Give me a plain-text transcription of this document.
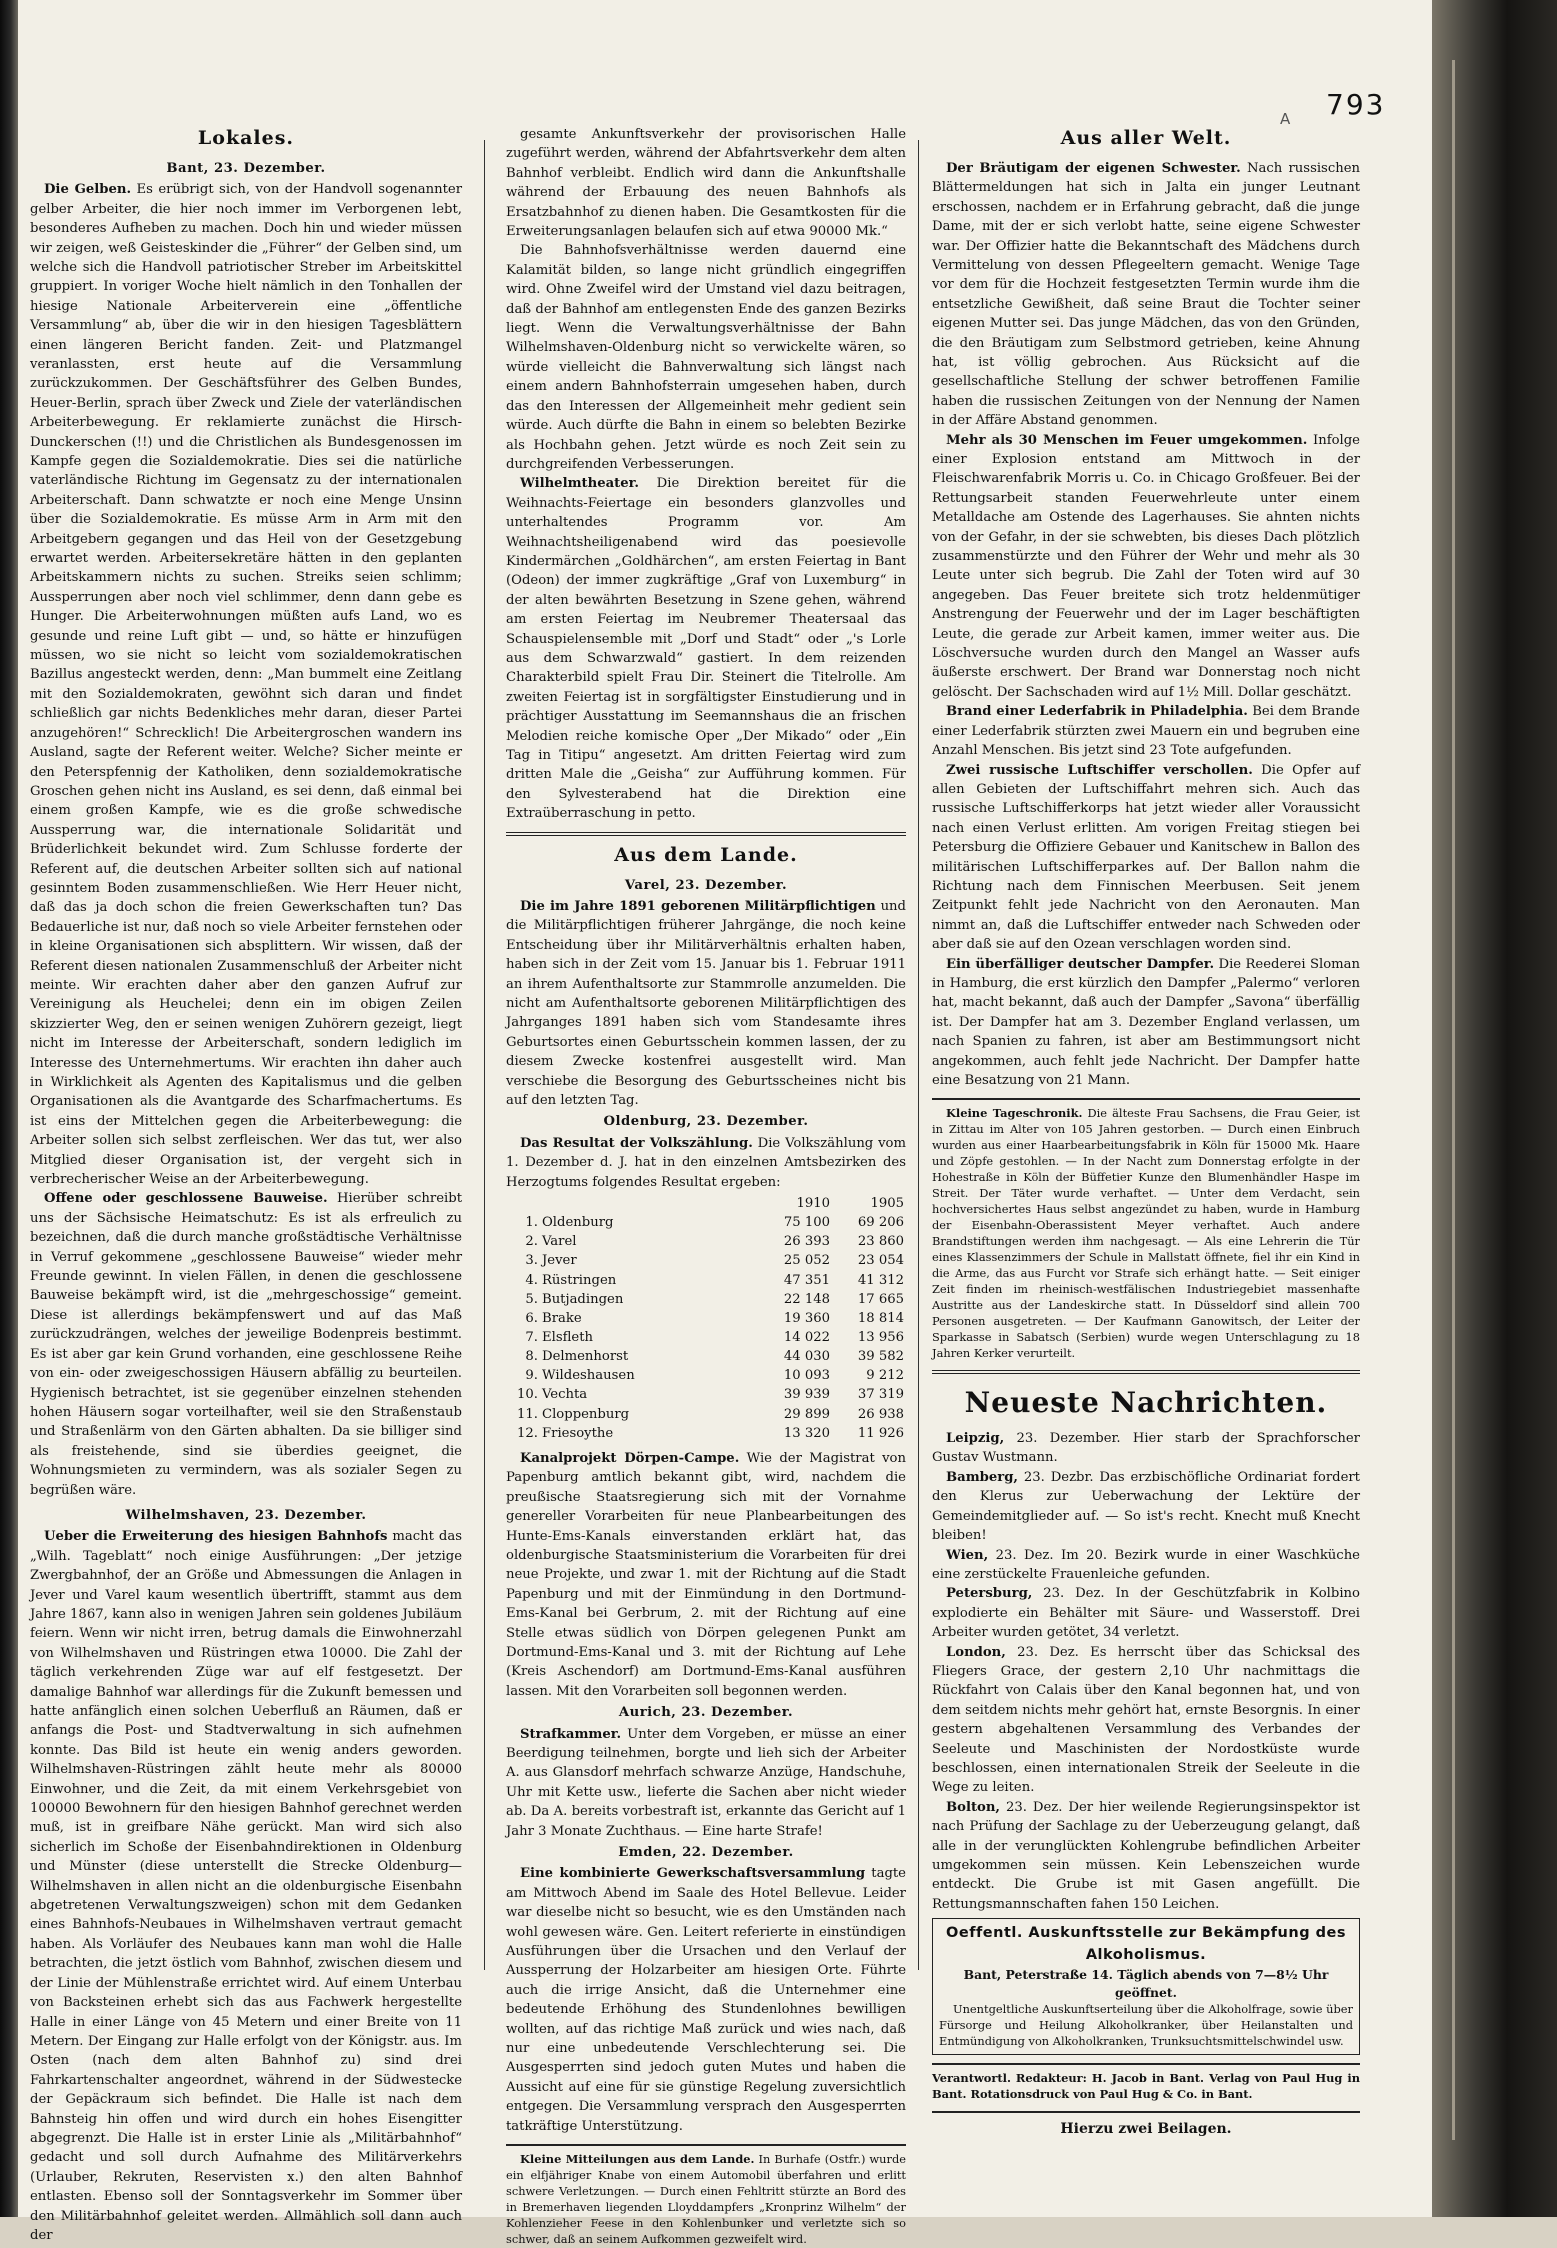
A 793
Lokales.
Bant, 23. Dezember.

Die Gelben. Es erübrigt sich, von der Handvoll sogenannter gelber Arbeiter, die hier noch immer im Verborgenen lebt, besonderes Aufheben zu machen. Doch hin und wieder müssen wir zeigen, weß Geisteskinder die „Führer“ der Gelben sind, um welche sich die Handvoll patriotischer Streber im Arbeitskittel gruppiert. In voriger Woche hielt nämlich in den Tonhallen der hiesige Nationale Arbeiterverein eine „öffentliche Versammlung“ ab, über die wir in den hiesigen Tagesblättern einen längeren Bericht fanden. Zeit- und Platzmangel veranlassten, erst heute auf die Versammlung zurückzukommen. Der Geschäftsführer des Gelben Bundes, Heuer-Berlin, sprach über Zweck und Ziele der vaterländischen Arbeiterbewegung. Er reklamierte zunächst die Hirsch-Dunckerschen (!!) und die Christlichen als Bundesgenossen im Kampfe gegen die Sozialdemokratie. Dies sei die natürliche vaterländische Richtung im Gegensatz zu der internationalen Arbeiterschaft. Dann schwatzte er noch eine Menge Unsinn über die Sozialdemokratie. Es müsse Arm in Arm mit den Arbeitgebern gegangen und das Heil von der Gesetzgebung erwartet werden. Arbeitersekretäre hätten in den geplanten Arbeitskammern nichts zu suchen. Streiks seien schlimm; Aussperrungen aber noch viel schlimmer, denn dann gebe es Hunger. Die Arbeiterwohnungen müßten aufs Land, wo es gesunde und reine Luft gibt — und, so hätte er hinzufügen müssen, wo sie nicht so leicht vom sozialdemokratischen Bazillus angesteckt werden, denn: „Man bummelt eine Zeitlang mit den Sozialdemokraten, gewöhnt sich daran und findet schließlich gar nichts Bedenkliches mehr daran, dieser Partei anzugehören!“ Schrecklich! Die Arbeitergroschen wandern ins Ausland, sagte der Referent weiter. Welche? Sicher meinte er den Peterspfennig der Katholiken, denn sozialdemokratische Groschen gehen nicht ins Ausland, es sei denn, daß einmal bei einem großen Kampfe, wie es die große schwedische Aussperrung war, die internationale Solidarität und Brüderlichkeit bekundet wird. Zum Schlusse forderte der Referent auf, die deutschen Arbeiter sollten sich auf national gesinntem Boden zusammenschließen. Wie Herr Heuer nicht, daß das ja doch schon die freien Gewerkschaften tun? Das Bedauerliche ist nur, daß noch so viele Arbeiter fernstehen oder in kleine Organisationen sich absplittern. Wir wissen, daß der Referent diesen nationalen Zusammenschluß der Arbeiter nicht meinte. Wir erachten daher aber den ganzen Aufruf zur Vereinigung als Heuchelei; denn ein im obigen Zeilen skizzierter Weg, den er seinen wenigen Zuhörern gezeigt, liegt nicht im Interesse der Arbeiterschaft, sondern lediglich im Interesse des Unternehmertums. Wir erachten ihn daher auch in Wirklichkeit als Agenten des Kapitalismus und die gelben Organisationen als die Avantgarde des Scharfmachertums. Es ist eins der Mittelchen gegen die Arbeiterbewegung: die Arbeiter sollen sich selbst zerfleischen. Wer das tut, wer also Mitglied dieser Organisation ist, der vergeht sich in verbrecherischer Weise an der Arbeiterbewegung.

Offene oder geschlossene Bauweise. Hierüber schreibt uns der Sächsische Heimatschutz: Es ist als erfreulich zu bezeichnen, daß die durch manche großstädtische Verhältnisse in Verruf gekommene „geschlossene Bauweise“ wieder mehr Freunde gewinnt. In vielen Fällen, in denen die geschlossene Bauweise bekämpft wird, ist die „mehrgeschossige“ gemeint. Diese ist allerdings bekämpfenswert und auf das Maß zurückzudrängen, welches der jeweilige Bodenpreis bestimmt. Es ist aber gar kein Grund vorhanden, eine geschlossene Reihe von ein- oder zweigeschossigen Häusern abfällig zu beurteilen. Hygienisch betrachtet, ist sie gegenüber einzelnen stehenden hohen Häusern sogar vorteilhafter, weil sie den Straßenstaub und Straßenlärm von den Gärten abhalten. Da sie billiger sind als freistehende, sind sie überdies geeignet, die Wohnungsmieten zu vermindern, was als sozialer Segen zu begrüßen wäre.

Wilhelmshaven, 23. Dezember.

Ueber die Erweiterung des hiesigen Bahnhofs macht das „Wilh. Tageblatt“ noch einige Ausführungen: „Der jetzige Zwergbahnhof, der an Größe und Abmessungen die Anlagen in Jever und Varel kaum wesentlich übertrifft, stammt aus dem Jahre 1867, kann also in wenigen Jahren sein goldenes Jubiläum feiern. Wenn wir nicht irren, betrug damals die Einwohnerzahl von Wilhelmshaven und Rüstringen etwa 10000. Die Zahl der täglich verkehrenden Züge war auf elf festgesetzt. Der damalige Bahnhof war allerdings für die Zukunft bemessen und hatte anfänglich einen solchen Ueberfluß an Räumen, daß er anfangs die Post- und Stadtverwaltung in sich aufnehmen konnte. Das Bild ist heute ein wenig anders geworden. Wilhelmshaven-Rüstringen zählt heute mehr als 80000 Einwohner, und die Zeit, da mit einem Verkehrsgebiet von 100000 Bewohnern für den hiesigen Bahnhof gerechnet werden muß, ist in greifbare Nähe gerückt. Man wird sich also sicherlich im Schoße der Eisenbahndirektionen in Oldenburg und Münster (diese unterstellt die Strecke Oldenburg—Wilhelmshaven in allen nicht an die oldenburgische Eisenbahn abgetretenen Verwaltungszweigen) schon mit dem Gedanken eines Bahnhofs-Neubaues in Wilhelmshaven vertraut gemacht haben. Als Vorläufer des Neubaues kann man wohl die Halle betrachten, die jetzt östlich vom Bahnhof, zwischen diesem und der Linie der Mühlenstraße errichtet wird. Auf einem Unterbau von Backsteinen erhebt sich das aus Fachwerk hergestellte Halle in einer Länge von 45 Metern und einer Breite von 11 Metern. Der Eingang zur Halle erfolgt von der Königstr. aus. Im Osten (nach dem alten Bahnhof zu) sind drei Fahrkartenschalter angeordnet, während in der Südwestecke der Gepäckraum sich befindet. Die Halle ist nach dem Bahnsteig hin offen und wird durch ein hohes Eisengitter abgegrenzt. Die Halle ist in erster Linie als „Militärbahnhof“ gedacht und soll durch Aufnahme des Militärverkehrs (Urlauber, Rekruten, Reservisten x.) den alten Bahnhof entlasten. Ebenso soll der Sonntagsverkehr im Sommer über den Militärbahnhof geleitet werden. Allmählich soll dann auch der

gesamte Ankunftsverkehr der provisorischen Halle zugeführt werden, während der Abfahrtsverkehr dem alten Bahnhof verbleibt. Endlich wird dann die Ankunftshalle während der Erbauung des neuen Bahnhofs als Ersatzbahnhof zu dienen haben. Die Gesamtkosten für die Erweiterungsanlagen belaufen sich auf etwa 90000 Mk.“

Die Bahnhofsverhältnisse werden dauernd eine Kalamität bilden, so lange nicht gründlich eingegriffen wird. Ohne Zweifel wird der Umstand viel dazu beitragen, daß der Bahnhof am entlegensten Ende des ganzen Bezirks liegt. Wenn die Verwaltungsverhältnisse der Bahn Wilhelmshaven-Oldenburg nicht so verwickelte wären, so würde vielleicht die Bahnverwaltung sich längst nach einem andern Bahnhofsterrain umgesehen haben, durch das den Interessen der Allgemeinheit mehr gedient sein würde. Auch dürfte die Bahn in einem so belebten Bezirke als Hochbahn gehen. Jetzt würde es noch Zeit sein zu durchgreifenden Verbesserungen.

Wilhelmtheater. Die Direktion bereitet für die Weihnachts-Feiertage ein besonders glanzvolles und unterhaltendes Programm vor. Am Weihnachtsheiligenabend wird das poesievolle Kindermärchen „Goldhärchen“, am ersten Feiertag in Bant (Odeon) der immer zugkräftige „Graf von Luxemburg“ in der alten bewährten Besetzung in Szene gehen, während am ersten Feiertag im Neubremer Theatersaal das Schauspielensemble mit „Dorf und Stadt“ oder „'s Lorle aus dem Schwarzwald“ gastiert. In dem reizenden Charakterbild spielt Frau Dir. Steinert die Titelrolle. Am zweiten Feiertag ist in sorgfältigster Einstudierung und in prächtiger Ausstattung im Seemannshaus die an frischen Melodien reiche komische Oper „Der Mikado“ oder „Ein Tag in Titipu“ angesetzt. Am dritten Feiertag wird zum dritten Male die „Geisha“ zur Aufführung kommen. Für den Sylvesterabend hat die Direktion eine Extraüberraschung in petto.

Aus dem Lande.
Varel, 23. Dezember.

Die im Jahre 1891 geborenen Militärpflichtigen und die Militärpflichtigen früherer Jahrgänge, die noch keine Entscheidung über ihr Militärverhältnis erhalten haben, haben sich in der Zeit vom 15. Januar bis 1. Februar 1911 an ihrem Aufenthaltsorte zur Stammrolle anzumelden. Die nicht am Aufenthaltsorte geborenen Militärpflichtigen des Jahrganges 1891 haben sich vom Standesamte ihres Geburtsortes einen Geburtsschein kommen lassen, der zu diesem Zwecke kostenfrei ausgestellt wird. Man verschiebe die Besorgung des Geburtsscheines nicht bis auf den letzten Tag.

Oldenburg, 23. Dezember.

Das Resultat der Volkszählung. Die Volkszählung vom 1. Dezember d. J. hat in den einzelnen Amtsbezirken des Herzogtums folgendes Resultat ergeben:

		1910	1905
1.	Oldenburg	75 100	69 206
2.	Varel	26 393	23 860
3.	Jever	25 052	23 054
4.	Rüstringen	47 351	41 312
5.	Butjadingen	22 148	17 665
6.	Brake	19 360	18 814
7.	Elsfleth	14 022	13 956
8.	Delmenhorst	44 030	39 582
9.	Wildeshausen	10 093	9 212
10.	Vechta	39 939	37 319
11.	Cloppenburg	29 899	26 938
12.	Friesoythe	13 320	11 926

Kanalprojekt Dörpen-Campe. Wie der Magistrat von Papenburg amtlich bekannt gibt, wird, nachdem die preußische Staatsregierung sich mit der Vornahme genereller Vorarbeiten für neue Planbearbeitungen des Hunte-Ems-Kanals einverstanden erklärt hat, das oldenburgische Staatsministerium die Vorarbeiten für drei neue Projekte, und zwar 1. mit der Richtung auf die Stadt Papenburg und mit der Einmündung in den Dortmund-Ems-Kanal bei Gerbrum, 2. mit der Richtung auf eine Stelle etwas südlich von Dörpen gelegenen Punkt am Dortmund-Ems-Kanal und 3. mit der Richtung auf Lehe (Kreis Aschendorf) am Dortmund-Ems-Kanal ausführen lassen. Mit den Vorarbeiten soll begonnen werden.

Aurich, 23. Dezember.

Strafkammer. Unter dem Vorgeben, er müsse an einer Beerdigung teilnehmen, borgte und lieh sich der Arbeiter A. aus Glansdorf mehrfach schwarze Anzüge, Handschuhe, Uhr mit Kette usw., lieferte die Sachen aber nicht wieder ab. Da A. bereits vorbestraft ist, erkannte das Gericht auf 1 Jahr 3 Monate Zuchthaus. — Eine harte Strafe!

Emden, 22. Dezember.

Eine kombinierte Gewerkschaftsversammlung tagte am Mittwoch Abend im Saale des Hotel Bellevue. Leider war dieselbe nicht so besucht, wie es den Umständen nach wohl gewesen wäre. Gen. Leitert referierte in einstündigen Ausführungen über die Ursachen und den Verlauf der Aussperrung der Holzarbeiter am hiesigen Orte. Führte auch die irrige Ansicht, daß die Unternehmer eine bedeutende Erhöhung des Stundenlohnes bewilligen wollten, auf das richtige Maß zurück und wies nach, daß nur eine unbedeutende Verschlechterung sei. Die Ausgesperrten sind jedoch guten Mutes und haben die Aussicht auf eine für sie günstige Regelung zuversichtlich entgegen. Die Versammlung versprach den Ausgesperrten tatkräftige Unterstützung.

Kleine Mitteilungen aus dem Lande. In Burhafe (Ostfr.) wurde ein elfjähriger Knabe von einem Automobil überfahren und erlitt schwere Verletzungen. — Durch einen Fehltritt stürzte an Bord des in Bremerhaven liegenden Lloyddampfers „Kronprinz Wilhelm“ der Kohlenzieher Feese in den Kohlenbunker und verletzte sich so schwer, daß an seinem Aufkommen gezweifelt wird.

Aus aller Welt.

Der Bräutigam der eigenen Schwester. Nach russischen Blättermeldungen hat sich in Jalta ein junger Leutnant erschossen, nachdem er in Erfahrung gebracht, daß die junge Dame, mit der er sich verlobt hatte, seine eigene Schwester war. Der Offizier hatte die Bekanntschaft des Mädchens durch Vermittelung von dessen Pflegeeltern gemacht. Wenige Tage vor dem für die Hochzeit festgesetzten Termin wurde ihm die entsetzliche Gewißheit, daß seine Braut die Tochter seiner eigenen Mutter sei. Das junge Mädchen, das von den Gründen, die den Bräutigam zum Selbstmord getrieben, keine Ahnung hat, ist völlig gebrochen. Aus Rücksicht auf die gesellschaftliche Stellung der schwer betroffenen Familie haben die russischen Zeitungen von der Nennung der Namen in der Affäre Abstand genommen.

Mehr als 30 Menschen im Feuer umgekommen. Infolge einer Explosion entstand am Mittwoch in der Fleischwarenfabrik Morris u. Co. in Chicago Großfeuer. Bei der Rettungsarbeit standen Feuerwehrleute unter einem Metalldache am Ostende des Lagerhauses. Sie ahnten nichts von der Gefahr, in der sie schwebten, bis dieses Dach plötzlich zusammenstürzte und den Führer der Wehr und mehr als 30 Leute unter sich begrub. Die Zahl der Toten wird auf 30 angegeben. Das Feuer breitete sich trotz heldenmütiger Anstrengung der Feuerwehr und der im Lager beschäftigten Leute, die gerade zur Arbeit kamen, immer weiter aus. Die Löschversuche wurden durch den Mangel an Wasser aufs äußerste erschwert. Der Brand war Donnerstag noch nicht gelöscht. Der Sachschaden wird auf 1½ Mill. Dollar geschätzt.

Brand einer Lederfabrik in Philadelphia. Bei dem Brande einer Lederfabrik stürzten zwei Mauern ein und begruben eine Anzahl Menschen. Bis jetzt sind 23 Tote aufgefunden.

Zwei russische Luftschiffer verschollen. Die Opfer auf allen Gebieten der Luftschiffahrt mehren sich. Auch das russische Luftschifferkorps hat jetzt wieder aller Voraussicht nach einen Verlust erlitten. Am vorigen Freitag stiegen bei Petersburg die Offiziere Gebauer und Kanitschew in Ballon des militärischen Luftschifferparkes auf. Der Ballon nahm die Richtung nach dem Finnischen Meerbusen. Seit jenem Zeitpunkt fehlt jede Nachricht von den Aeronauten. Man nimmt an, daß die Luftschiffer entweder nach Schweden oder aber daß sie auf den Ozean verschlagen worden sind.

Ein überfälliger deutscher Dampfer. Die Reederei Sloman in Hamburg, die erst kürzlich den Dampfer „Palermo“ verloren hat, macht bekannt, daß auch der Dampfer „Savona“ überfällig ist. Der Dampfer hat am 3. Dezember England verlassen, um nach Spanien zu fahren, ist aber am Bestimmungsort nicht angekommen, auch fehlt jede Nachricht. Der Dampfer hatte eine Besatzung von 21 Mann.

Kleine Tageschronik. Die älteste Frau Sachsens, die Frau Geier, ist in Zittau im Alter von 105 Jahren gestorben. — Durch einen Einbruch wurden aus einer Haarbearbeitungsfabrik in Köln für 15000 Mk. Haare und Zöpfe gestohlen. — In der Nacht zum Donnerstag erfolgte in der Hohestraße in Köln der Büffetier Kunze den Blumenhändler Haspe im Streit. Der Täter wurde verhaftet. — Unter dem Verdacht, sein hochversichertes Haus selbst angezündet zu haben, wurde in Hamburg der Eisenbahn-Oberassistent Meyer verhaftet. Auch andere Brandstiftungen werden ihm nachgesagt. — Als eine Lehrerin die Tür eines Klassenzimmers der Schule in Mallstatt öffnete, fiel ihr ein Kind in die Arme, das aus Furcht vor Strafe sich erhängt hatte. — Seit einiger Zeit finden im rheinisch-westfälischen Industriegebiet massenhafte Austritte aus der Landeskirche statt. In Düsseldorf sind allein 700 Personen ausgetreten. — Der Kaufmann Ganowitsch, der Leiter der Sparkasse in Sabatsch (Serbien) wurde wegen Unterschlagung zu 18 Jahren Kerker verurteilt.

Neueste Nachrichten.

Leipzig, 23. Dezember. Hier starb der Sprachforscher Gustav Wustmann.

Bamberg, 23. Dezbr. Das erzbischöfliche Ordinariat fordert den Klerus zur Ueberwachung der Lektüre der Gemeindemitglieder auf. — So ist's recht. Knecht muß Knecht bleiben!

Wien, 23. Dez. Im 20. Bezirk wurde in einer Waschküche eine zerstückelte Frauenleiche gefunden.

Petersburg, 23. Dez. In der Geschützfabrik in Kolbino explodierte ein Behälter mit Säure- und Wasserstoff. Drei Arbeiter wurden getötet, 34 verletzt.

London, 23. Dez. Es herrscht über das Schicksal des Fliegers Grace, der gestern 2,10 Uhr nachmittags die Rückfahrt von Calais über den Kanal begonnen hat, und von dem seitdem nichts mehr gehört hat, ernste Besorgnis. In einer gestern abgehaltenen Versammlung des Verbandes der Seeleute und Maschinisten der Nordostküste wurde beschlossen, einen internationalen Streik der Seeleute in die Wege zu leiten.

Bolton, 23. Dez. Der hier weilende Regierungsinspektor ist nach Prüfung der Sachlage zu der Ueberzeugung gelangt, daß alle in der verunglückten Kohlengrube befindlichen Arbeiter umgekommen sein müssen. Kein Lebenszeichen wurde entdeckt. Die Grube ist mit Gasen angefüllt. Die Rettungsmannschaften fahen 150 Leichen.

Oeffentl. Auskunftsstelle zur Bekämpfung des Alkoholismus.
Bant, Peterstraße 14. Täglich abends von 7—8½ Uhr geöffnet.

Unentgeltliche Auskunftserteilung über die Alkoholfrage, sowie über Fürsorge und Heilung Alkoholkranker, über Heilanstalten und Entmündigung von Alkoholkranken, Trunksuchtsmittelschwindel usw.

Verantwortl. Redakteur: H. Jacob in Bant. Verlag von Paul Hug in Bant. Rotationsdruck von Paul Hug & Co. in Bant.

Hierzu zwei Beilagen.
